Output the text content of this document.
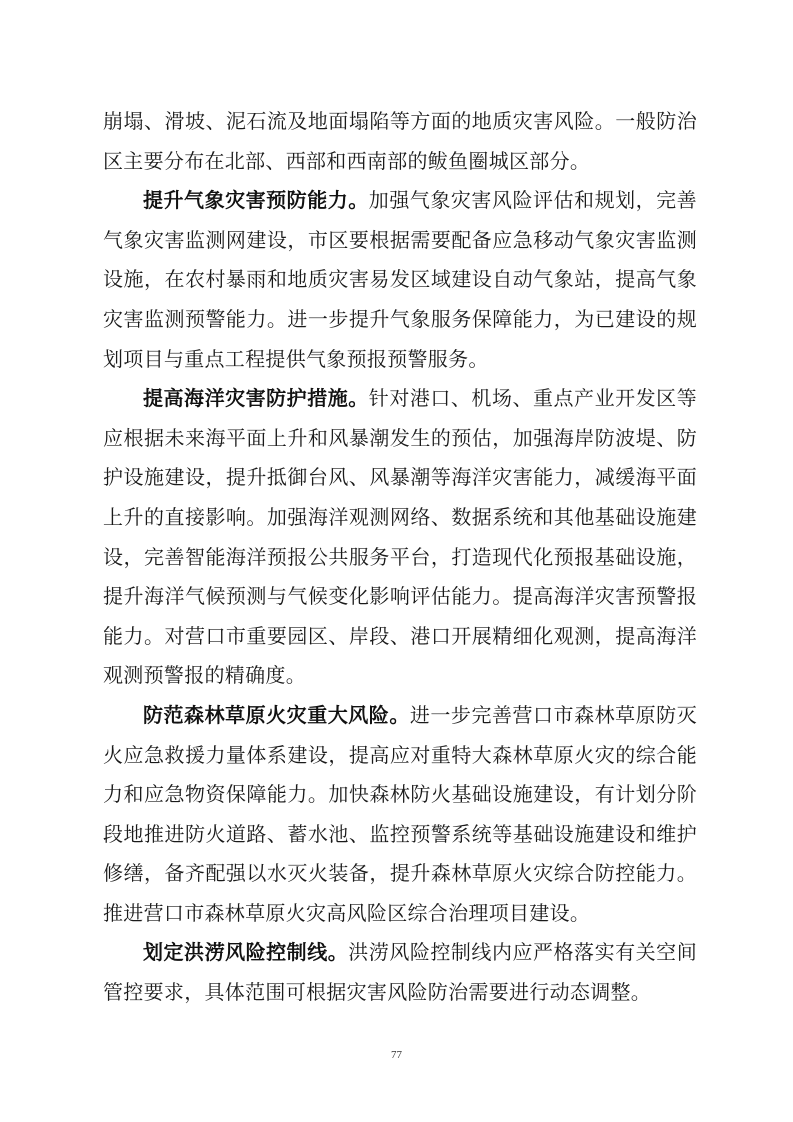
崩塌、滑坡、泥石流及地面塌陷等方面的地质灾害风险。一般防治区主要分布在北部、西部和西南部的鲅鱼圈城区部分。

提升气象灾害预防能力。加强气象灾害风险评估和规划，完善气象灾害监测网建设，市区要根据需要配备应急移动气象灾害监测设施，在农村暴雨和地质灾害易发区域建设自动气象站，提高气象灾害监测预警能力。进一步提升气象服务保障能力，为已建设的规划项目与重点工程提供气象预报预警服务。

提高海洋灾害防护措施。针对港口、机场、重点产业开发区等应根据未来海平面上升和风暴潮发生的预估，加强海岸防波堤、防护设施建设，提升抵御台风、风暴潮等海洋灾害能力，减缓海平面上升的直接影响。加强海洋观测网络、数据系统和其他基础设施建设，完善智能海洋预报公共服务平台，打造现代化预报基础设施，提升海洋气候预测与气候变化影响评估能力。提高海洋灾害预警报能力。对营口市重要园区、岸段、港口开展精细化观测，提高海洋观测预警报的精确度。

防范森林草原火灾重大风险。进一步完善营口市森林草原防灭火应急救援力量体系建设，提高应对重特大森林草原火灾的综合能力和应急物资保障能力。加快森林防火基础设施建设，有计划分阶段地推进防火道路、蓄水池、监控预警系统等基础设施建设和维护修缮，备齐配强以水灭火装备，提升森林草原火灾综合防控能力。推进营口市森林草原火灾高风险区综合治理项目建设。

划定洪涝风险控制线。洪涝风险控制线内应严格落实有关空间管控要求，具体范围可根据灾害风险防治需要进行动态调整。

77
